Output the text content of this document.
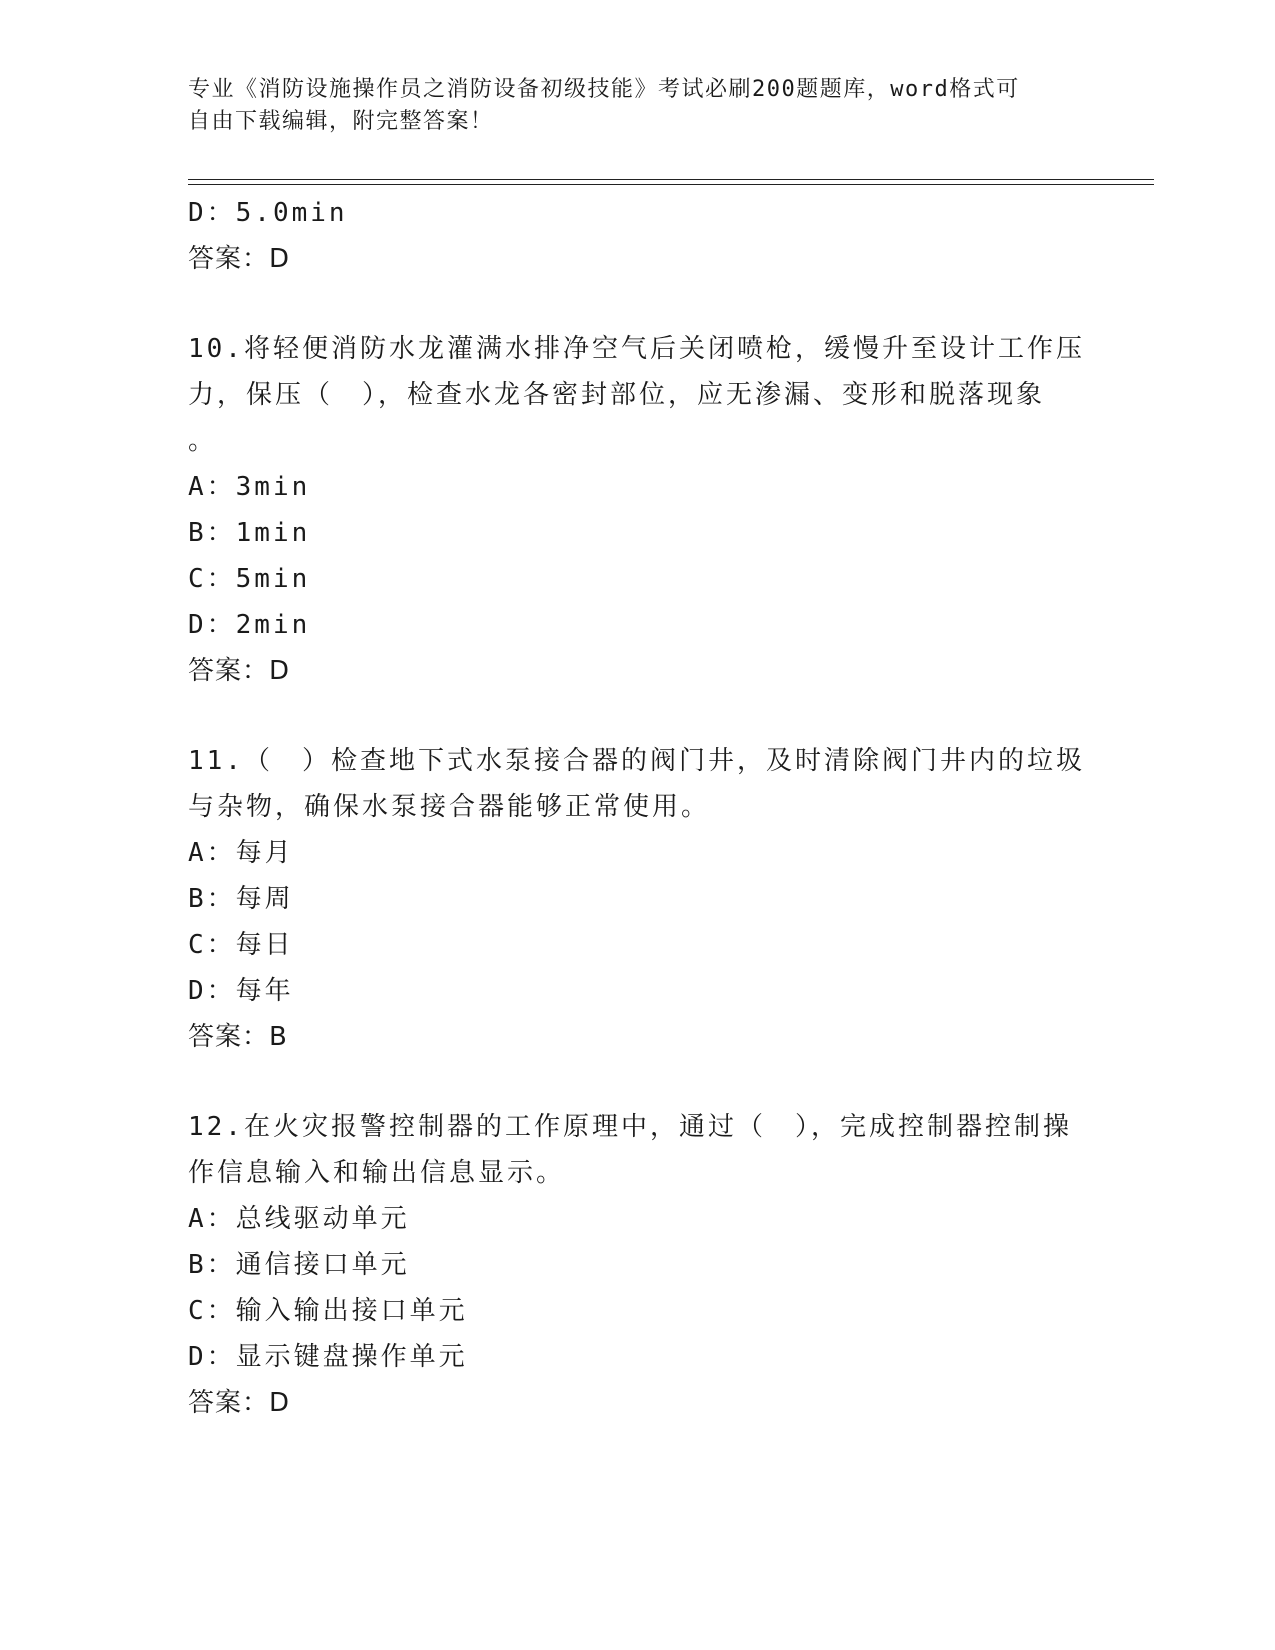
专业《消防设施操作员之消防设备初级技能》考试必刷200题题库，word格式可
自由下载编辑，附完整答案！
D：5.0min
答案：D
10.将轻便消防水龙灌满水排净空气后关闭喷枪，缓慢升至设计工作压
力，保压（　），检查水龙各密封部位，应无渗漏、变形和脱落现象
。
A：3min
B：1min
C：5min
D：2min
答案：D
11.（　）检查地下式水泵接合器的阀门井，及时清除阀门井内的垃圾
与杂物，确保水泵接合器能够正常使用。
A：每月
B：每周
C：每日
D：每年
答案：B
12.在火灾报警控制器的工作原理中，通过（　），完成控制器控制操
作信息输入和输出信息显示。
A：总线驱动单元
B：通信接口单元
C：输入输出接口单元
D：显示键盘操作单元
答案：D
